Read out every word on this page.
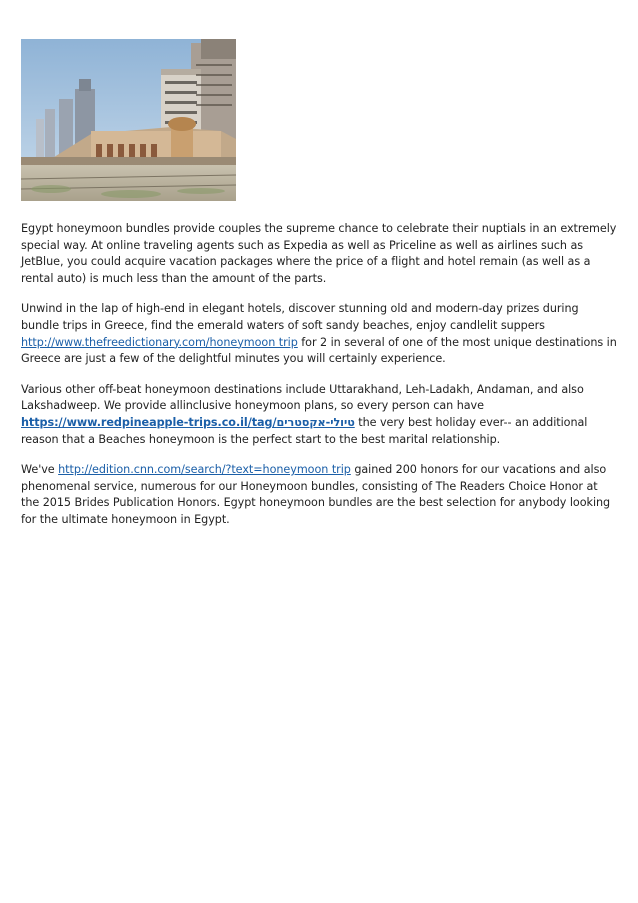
Egypt honeymoon bundles provide couples the supreme chance to celebrate their nuptials in an extremely special way. At online traveling agents such as Expedia as well as Priceline as well as airlines such as JetBlue, you could acquire vacation packages where the price of a flight and hotel remain (as well as a rental auto) is much less than the amount of the parts.

Unwind in the lap of high-end in elegant hotels, discover stunning old and modern-day prizes during bundle trips in Greece, find the emerald waters of soft sandy beaches, enjoy candlelit suppers http://www.thefreedictionary.com/honeymoon trip for 2 in several of one of the most unique destinations in Greece are just a few of the delightful minutes you will certainly experience.

Various other off-beat honeymoon destinations include Uttarakhand, Leh-Ladakh, Andaman, and also Lakshadweep. We provide allinclusive honeymoon plans, so every person can have https://www.redpineapple-trips.co.il/tag/טיולי-אקסטרים the very best holiday ever-- an additional reason that a Beaches honeymoon is the perfect start to the best marital relationship.

We've http://edition.cnn.com/search/?text=honeymoon trip gained 200 honors for our vacations and also phenomenal service, numerous for our Honeymoon bundles, consisting of The Readers Choice Honor at the 2015 Brides Publication Honors. Egypt honeymoon bundles are the best selection for anybody looking for the ultimate honeymoon in Egypt.
